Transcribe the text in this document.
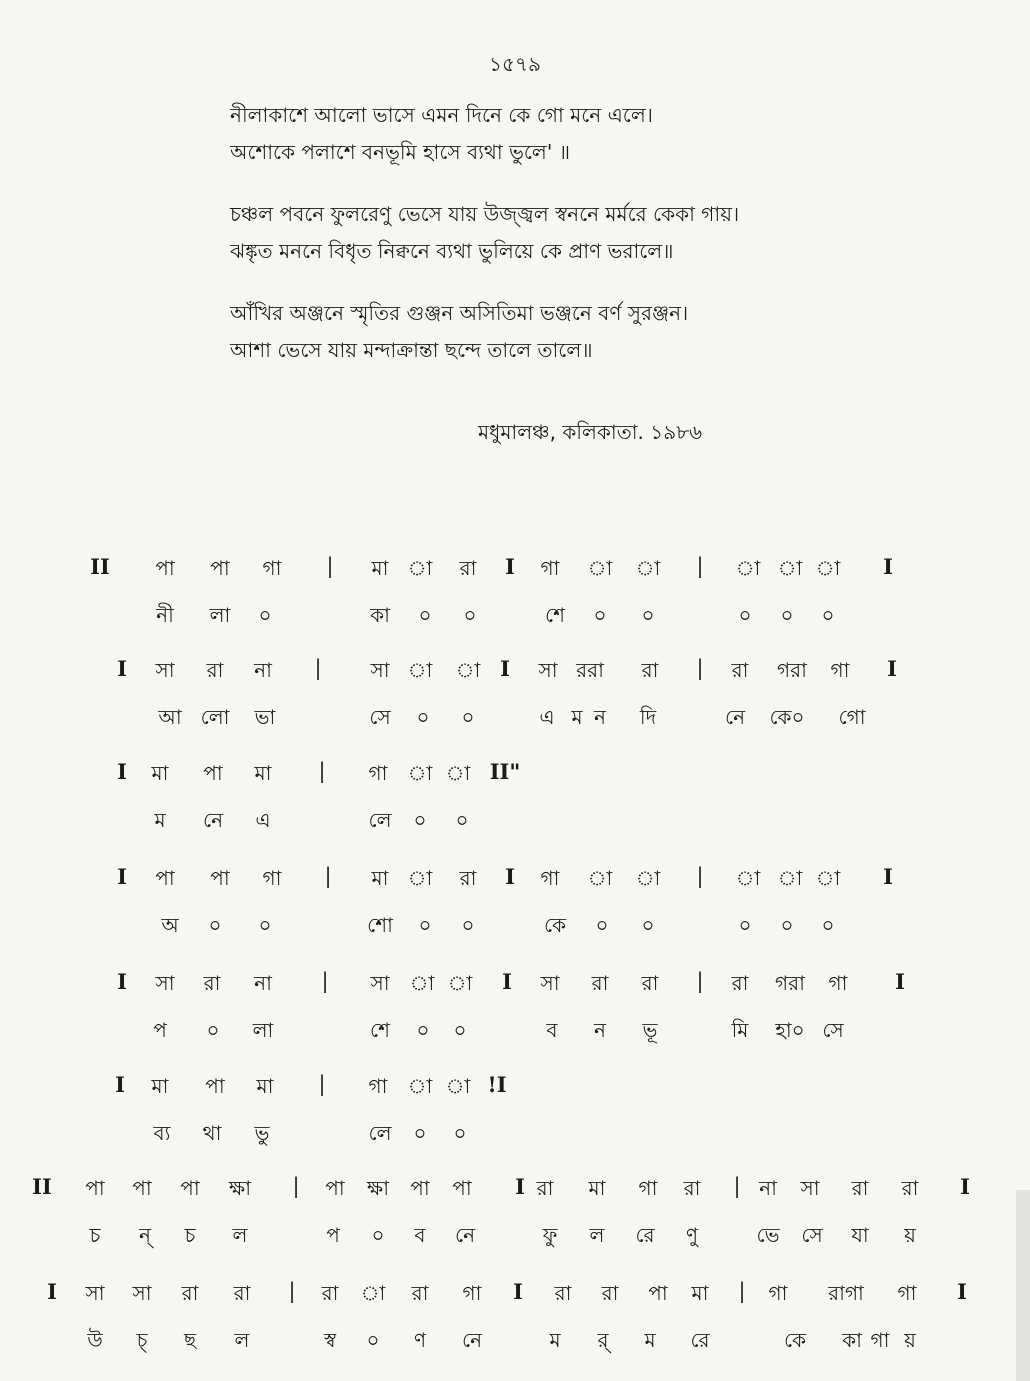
১৫৭৯
নীলাকাশে আলো ভাসে এমন দিনে কে গো মনে এলে।
অশোকে পলাশে বনভূমি হাসে ব্যথা ভুলে' ॥
চঞ্চল পবনে ফুলরেণু ভেসে যায় উজ্জ্বল স্বননে মর্মরে কেকা গায়।
ঝঙ্কৃত মননে বিধৃত নিক্বনে ব্যথা ভুলিয়ে কে প্রাণ ভরালে॥
আঁখির অঞ্জনে স্মৃতির গুঞ্জন অসিতিমা ভঞ্জনে বর্ণ সুরঞ্জন।
আশা ভেসে যায় মন্দাক্রান্তা ছন্দে তালে তালে॥
মধুমালঞ্চ, কলিকাতা. ১৯৮৬
II পা পা গা | মা া রা I গা া া | া া া I
নী লা ০	কা ০ ০	শে ০ ০	০ ০ ০
I সা রা না | সা া া I সা ররা রা | রা গরা গা I
আ লো ভা	সে ০ ০	এ ম ন দি	নে কে০ গো
I মা পা মা | গা া া II"
ম নে এ	লে ০ ০
I পা পা গা | মা া রা I গা া া | া া া I
অ ০ ০	শো ০ ০	কে ০ ০	০ ০ ০
I সা রা না | সা া া I সা রা রা | রা গরা গা I
প ০ লা	শে ০ ০	ব ন ভূ	মি হা০ সে
I মা পা মা | গা া া !I
ব্য থা ভু	লে ০ ০
II পা পা পা ক্ষা | পা ক্ষা পা পা I রা মা গা রা | না সা রা রা I
চ ন্ চ ল	প ০ ব নে	ফু ল রে ণু	ভে সে যা য়
I সা সা রা রা | রা া রা গা I রা রা পা মা | গা রাগা গা I
উ চ্ ছ ল	স্ব ০ ণ নে	ম র্ ম রে	কে কা গা য়
